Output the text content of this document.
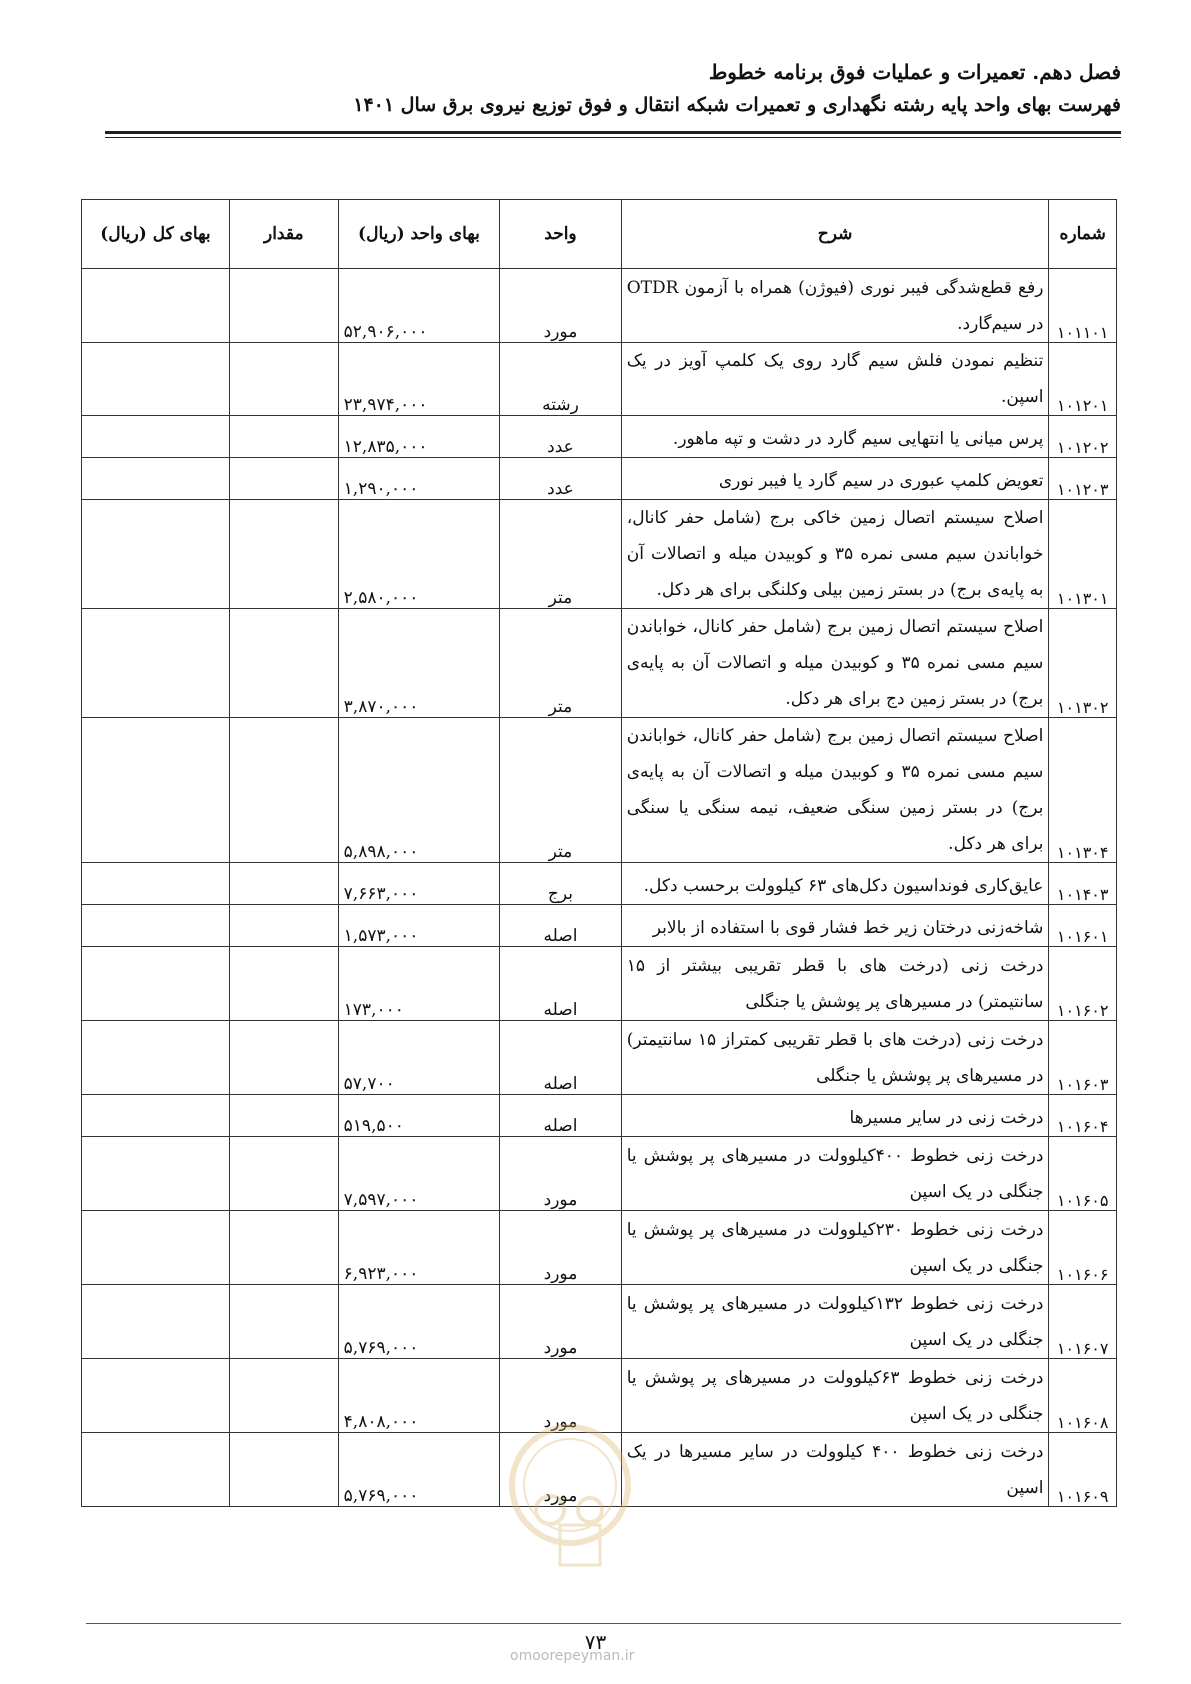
فصل دهم. تعمیرات و عملیات فوق برنامه خطوط
فهرست بهای واحد پایه رشته نگهداری و تعمیرات شبکه انتقال و فوق توزیع نیروی برق سال ۱۴۰۱
شماره	شرح	واحد	بهای واحد (ریال)	مقدار	بهای کل (ریال)
۱۰۱۱۰۱	رفع قطع‌شدگی فیبر نوری (فیوژن) همراه با آزمون OTDR در سیم‌گارد.	مورد	۵۲,۹۰۶,۰۰۰		
۱۰۱۲۰۱	تنظیم نمودن فلش سیم گارد روی یک کلمپ آویز در یک اسپن.	رشته	۲۳,۹۷۴,۰۰۰		
۱۰۱۲۰۲	پرس میانی یا انتهایی سیم گارد در دشت و تپه ماهور.	عدد	۱۲,۸۳۵,۰۰۰		
۱۰۱۲۰۳	تعویض کلمپ عبوری در سیم گارد یا فیبر نوری	عدد	۱,۲۹۰,۰۰۰		
۱۰۱۳۰۱	اصلاح سیستم اتصال زمین خاکی برج (شامل حفر کانال، خواباندن سیم مسی نمره ۳۵ و کوبیدن میله و اتصالات آن به پایه‌ی برج) در بستر زمین بیلی وکلنگی برای هر دکل.	متر	۲,۵۸۰,۰۰۰		
۱۰۱۳۰۲	اصلاح سیستم اتصال زمین برج (شامل حفر کانال، خواباندن سیم مسی نمره ۳۵ و کوبیدن میله و اتصالات آن به پایه‌ی برج) در بستر زمین دج برای هر دکل.	متر	۳,۸۷۰,۰۰۰		
۱۰۱۳۰۴	اصلاح سیستم اتصال زمین برج (شامل حفر کانال، خواباندن سیم مسی نمره ۳۵ و کوبیدن میله و اتصالات آن به پایه‌ی برج) در بستر زمین سنگی ضعیف، نیمه سنگی یا سنگی برای هر دکل.	متر	۵,۸۹۸,۰۰۰		
۱۰۱۴۰۳	عایق‌کاری فونداسیون دکل‌های ۶۳ کیلوولت برحسب دکل.	برج	۷,۶۶۳,۰۰۰		
۱۰۱۶۰۱	شاخه‌زنی درختان زیر خط فشار قوی با استفاده از بالابر	اصله	۱,۵۷۳,۰۰۰		
۱۰۱۶۰۲	درخت زنی (درخت های با قطر تقریبی بیشتر از ۱۵ سانتیمتر) در مسیرهای پر پوشش یا جنگلی	اصله	۱۷۳,۰۰۰		
۱۰۱۶۰۳	درخت زنی (درخت های با قطر تقریبی کمتراز ۱۵ سانتیمتر) در مسیرهای پر پوشش یا جنگلی	اصله	۵۷,۷۰۰		
۱۰۱۶۰۴	درخت زنی در سایر مسیرها	اصله	۵۱۹,۵۰۰		
۱۰۱۶۰۵	درخت زنی خطوط ۴۰۰کیلوولت در مسیرهای پر پوشش یا جنگلی در یک اسپن	مورد	۷,۵۹۷,۰۰۰		
۱۰۱۶۰۶	درخت زنی خطوط ۲۳۰کیلوولت در مسیرهای پر پوشش یا جنگلی در یک اسپن	مورد	۶,۹۲۳,۰۰۰		
۱۰۱۶۰۷	درخت زنی خطوط ۱۳۲کیلوولت در مسیرهای پر پوشش یا جنگلی در یک اسپن	مورد	۵,۷۶۹,۰۰۰		
۱۰۱۶۰۸	درخت زنی خطوط ۶۳کیلوولت در مسیرهای پر پوشش یا جنگلی در یک اسپن	مورد	۴,۸۰۸,۰۰۰		
۱۰۱۶۰۹	درخت زنی خطوط ۴۰۰ کیلوولت در سایر مسیرها در یک اسپن	مورد	۵,۷۶۹,۰۰۰		
۷۳
omoorepeyman.ir
